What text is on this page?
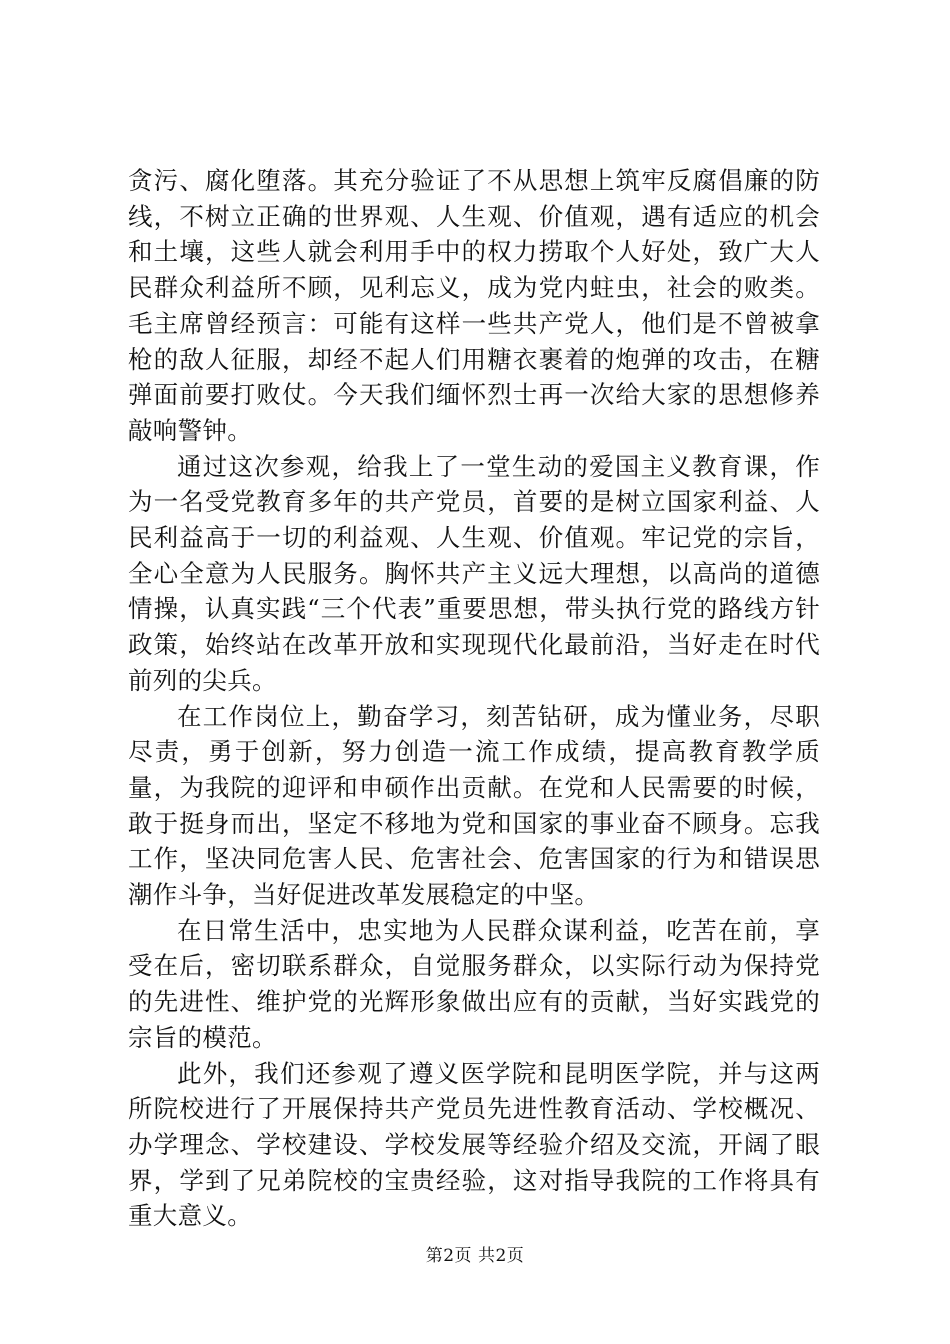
贪污、腐化堕落。其充分验证了不从思想上筑牢反腐倡廉的防线，不树立正确的世界观、人生观、价值观，遇有适应的机会和土壤，这些人就会利用手中的权力捞取个人好处，致广大人民群众利益所不顾，见利忘义，成为党内蛀虫，社会的败类。毛主席曾经预言：可能有这样一些共产党人，他们是不曾被拿枪的敌人征服，却经不起人们用糖衣裹着的炮弹的攻击，在糖弹面前要打败仗。今天我们缅怀烈士再一次给大家的思想修养敲响警钟。

通过这次参观，给我上了一堂生动的爱国主义教育课，作为一名受党教育多年的共产党员，首要的是树立国家利益、人民利益高于一切的利益观、人生观、价值观。牢记党的宗旨，全心全意为人民服务。胸怀共产主义远大理想，以高尚的道德情操，认真实践“三个代表”重要思想，带头执行党的路线方针政策，始终站在改革开放和实现现代化最前沿，当好走在时代前列的尖兵。

在工作岗位上，勤奋学习，刻苦钻研，成为懂业务，尽职尽责，勇于创新，努力创造一流工作成绩，提高教育教学质量，为我院的迎评和申硕作出贡献。在党和人民需要的时候，敢于挺身而出，坚定不移地为党和国家的事业奋不顾身。忘我工作，坚决同危害人民、危害社会、危害国家的行为和错误思潮作斗争，当好促进改革发展稳定的中坚。

在日常生活中，忠实地为人民群众谋利益，吃苦在前，享受在后，密切联系群众，自觉服务群众，以实际行动为保持党的先进性、维护党的光辉形象做出应有的贡献，当好实践党的宗旨的模范。

此外，我们还参观了遵义医学院和昆明医学院，并与这两所院校进行了开展保持共产党员先进性教育活动、学校概况、办学理念、学校建设、学校发展等经验介绍及交流，开阔了眼界，学到了兄弟院校的宝贵经验，这对指导我院的工作将具有重大意义。

第2页 共2页
